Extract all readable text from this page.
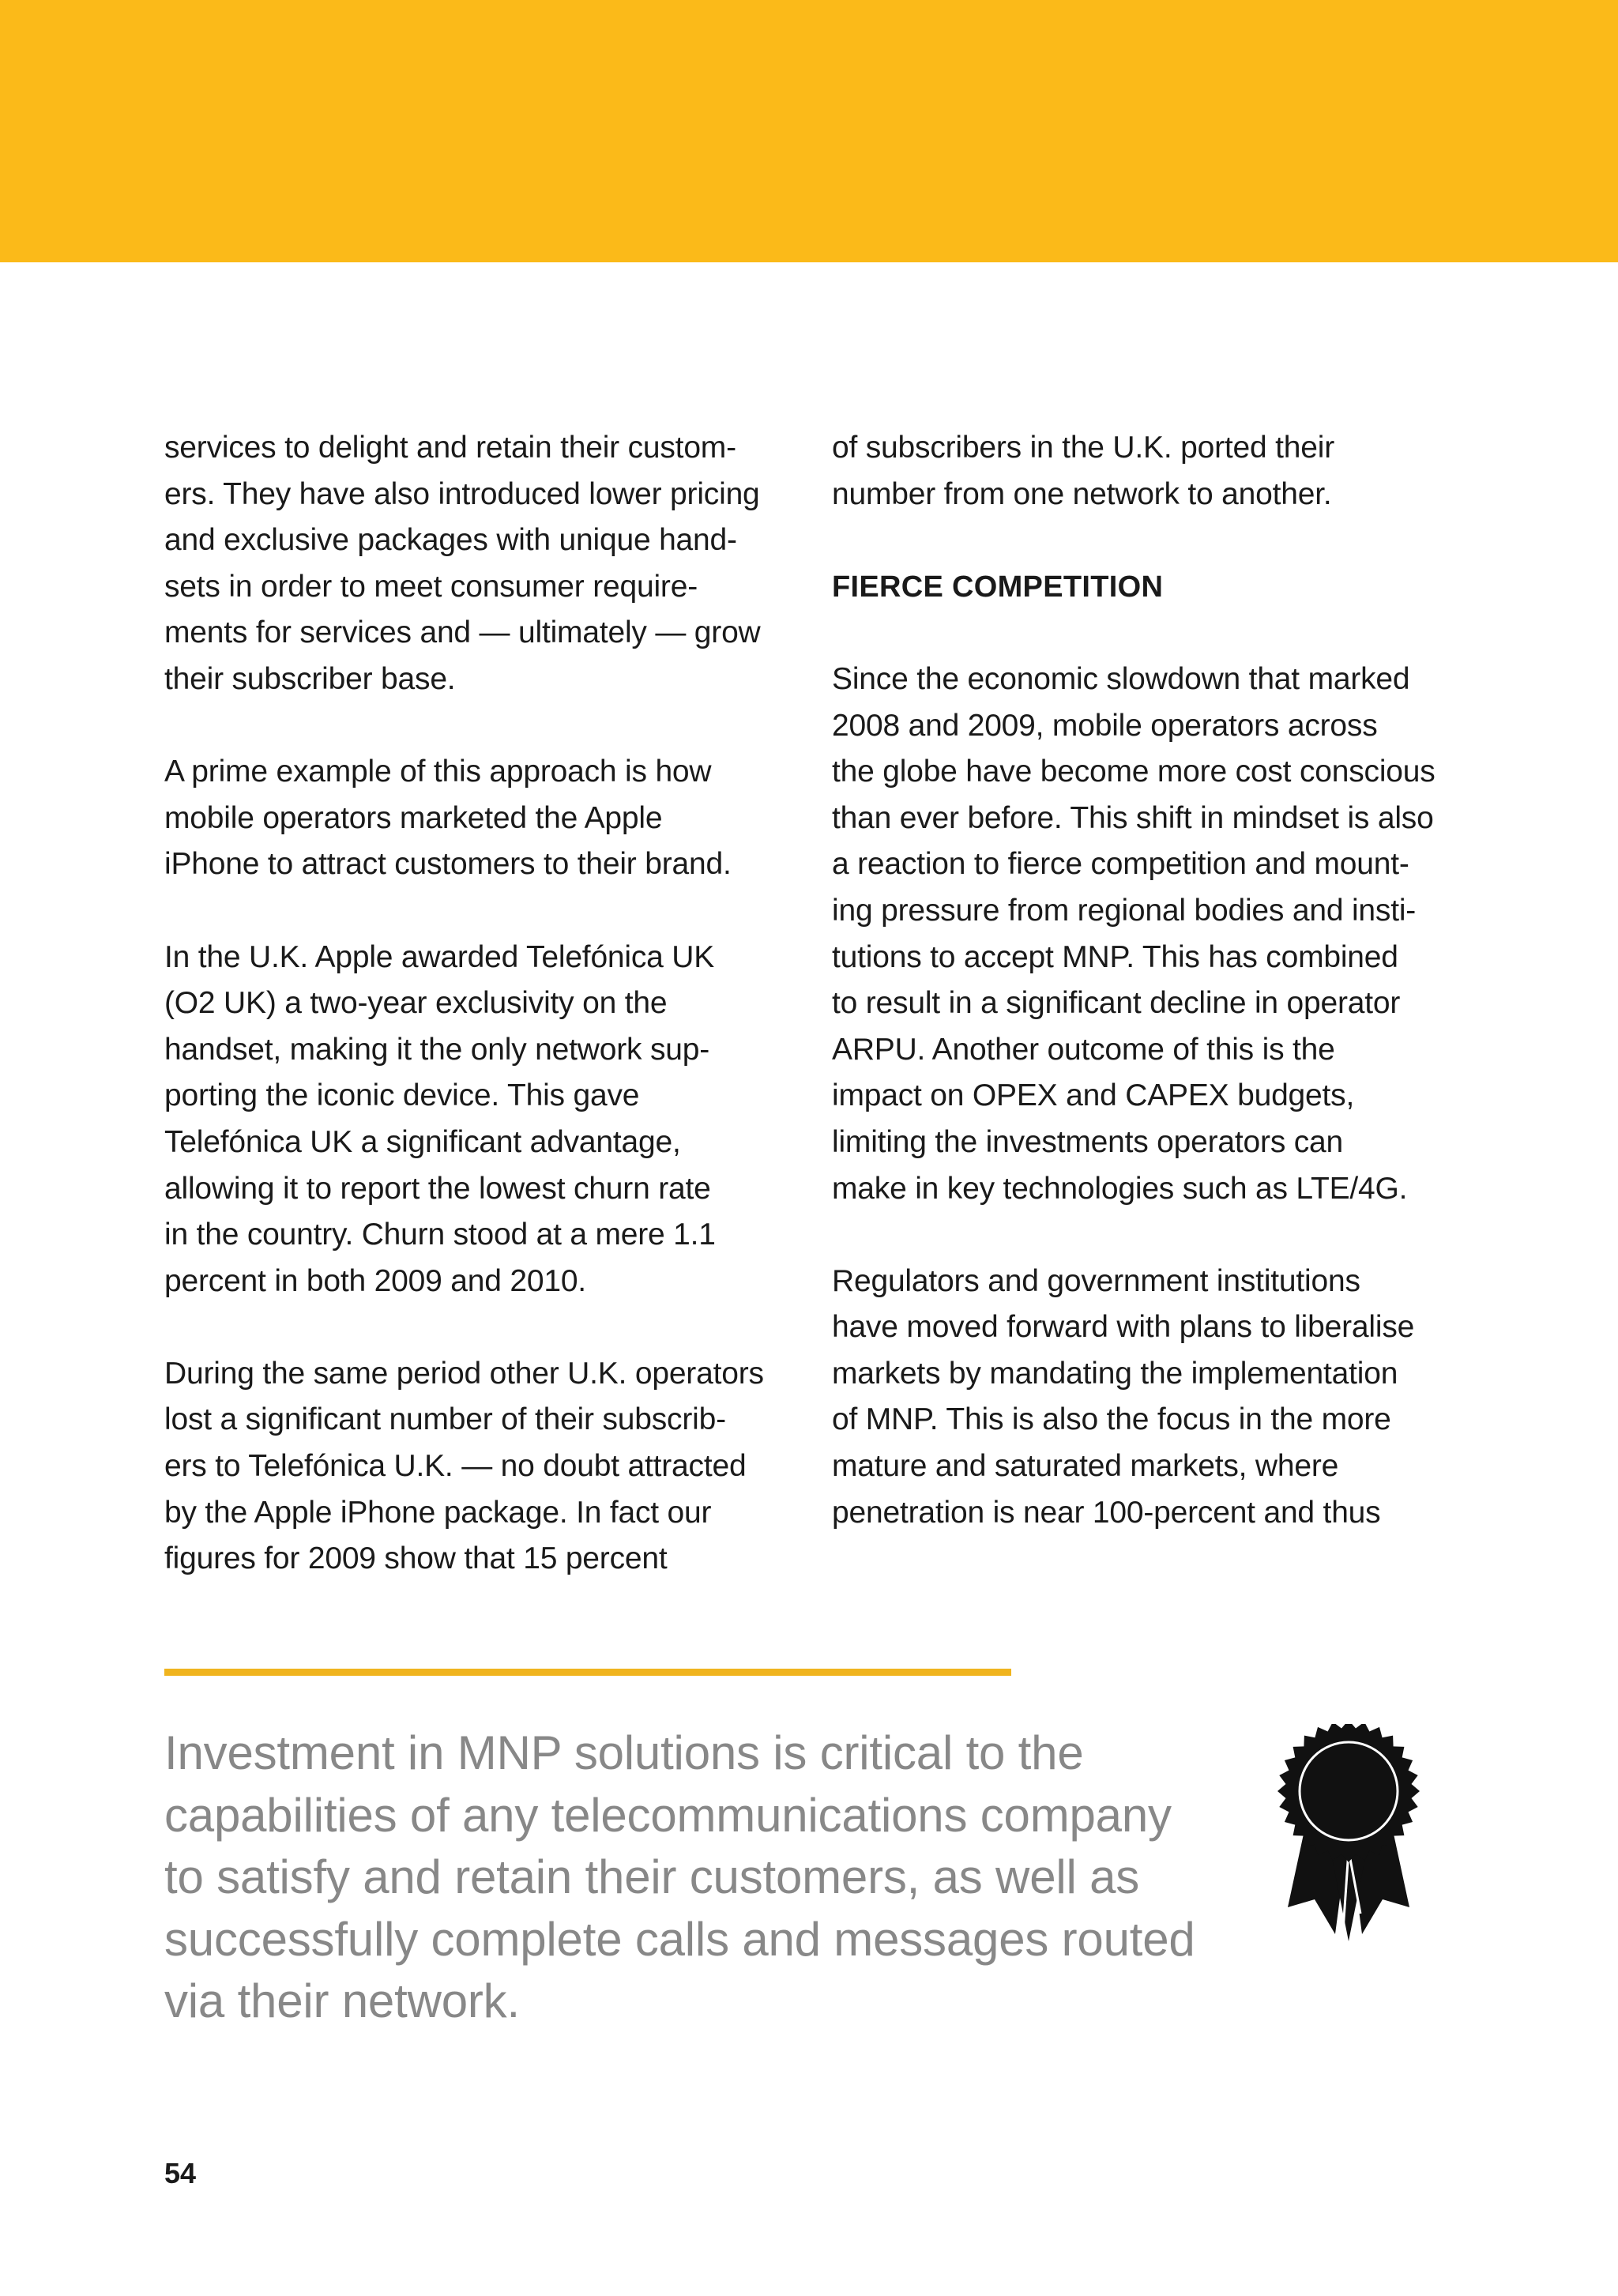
services to delight and retain their custom-
ers. They have also introduced lower pricing
and exclusive packages with unique hand-
sets in order to meet consumer require-
ments for services and — ultimately — grow
their subscriber base.

A prime example of this approach is how
mobile operators marketed the Apple
iPhone to attract customers to their brand.

In the U.K. Apple awarded Telefónica UK
(O2 UK) a two-year exclusivity on the
handset, making it the only network sup-
porting the iconic device. This gave
Telefónica UK a significant advantage,
allowing it to report the lowest churn rate
in the country. Churn stood at a mere 1.1
percent in both 2009 and 2010.

During the same period other U.K. operators
lost a significant number of their subscrib-
ers to Telefónica U.K. — no doubt attracted
by the Apple iPhone package. In fact our
figures for 2009 show that 15 percent

of subscribers in the U.K. ported their
number from one network to another.

FIERCE COMPETITION

Since the economic slowdown that marked
2008 and 2009, mobile operators across
the globe have become more cost conscious
than ever before. This shift in mindset is also
a reaction to fierce competition and mount-
ing pressure from regional bodies and insti-
tutions to accept MNP. This has combined
to result in a significant decline in operator
ARPU. Another outcome of this is the
impact on OPEX and CAPEX budgets,
limiting the investments operators can
make in key technologies such as LTE/4G.

Regulators and government institutions
have moved forward with plans to liberalise
markets by mandating the implementation
of MNP. This is also the focus in the more
mature and saturated markets, where
penetration is near 100-percent and thus

Investment in MNP solutions is critical to the
capabilities of any telecommunications company
to satisfy and retain their customers, as well as
successfully complete calls and messages routed
via their network.
54
